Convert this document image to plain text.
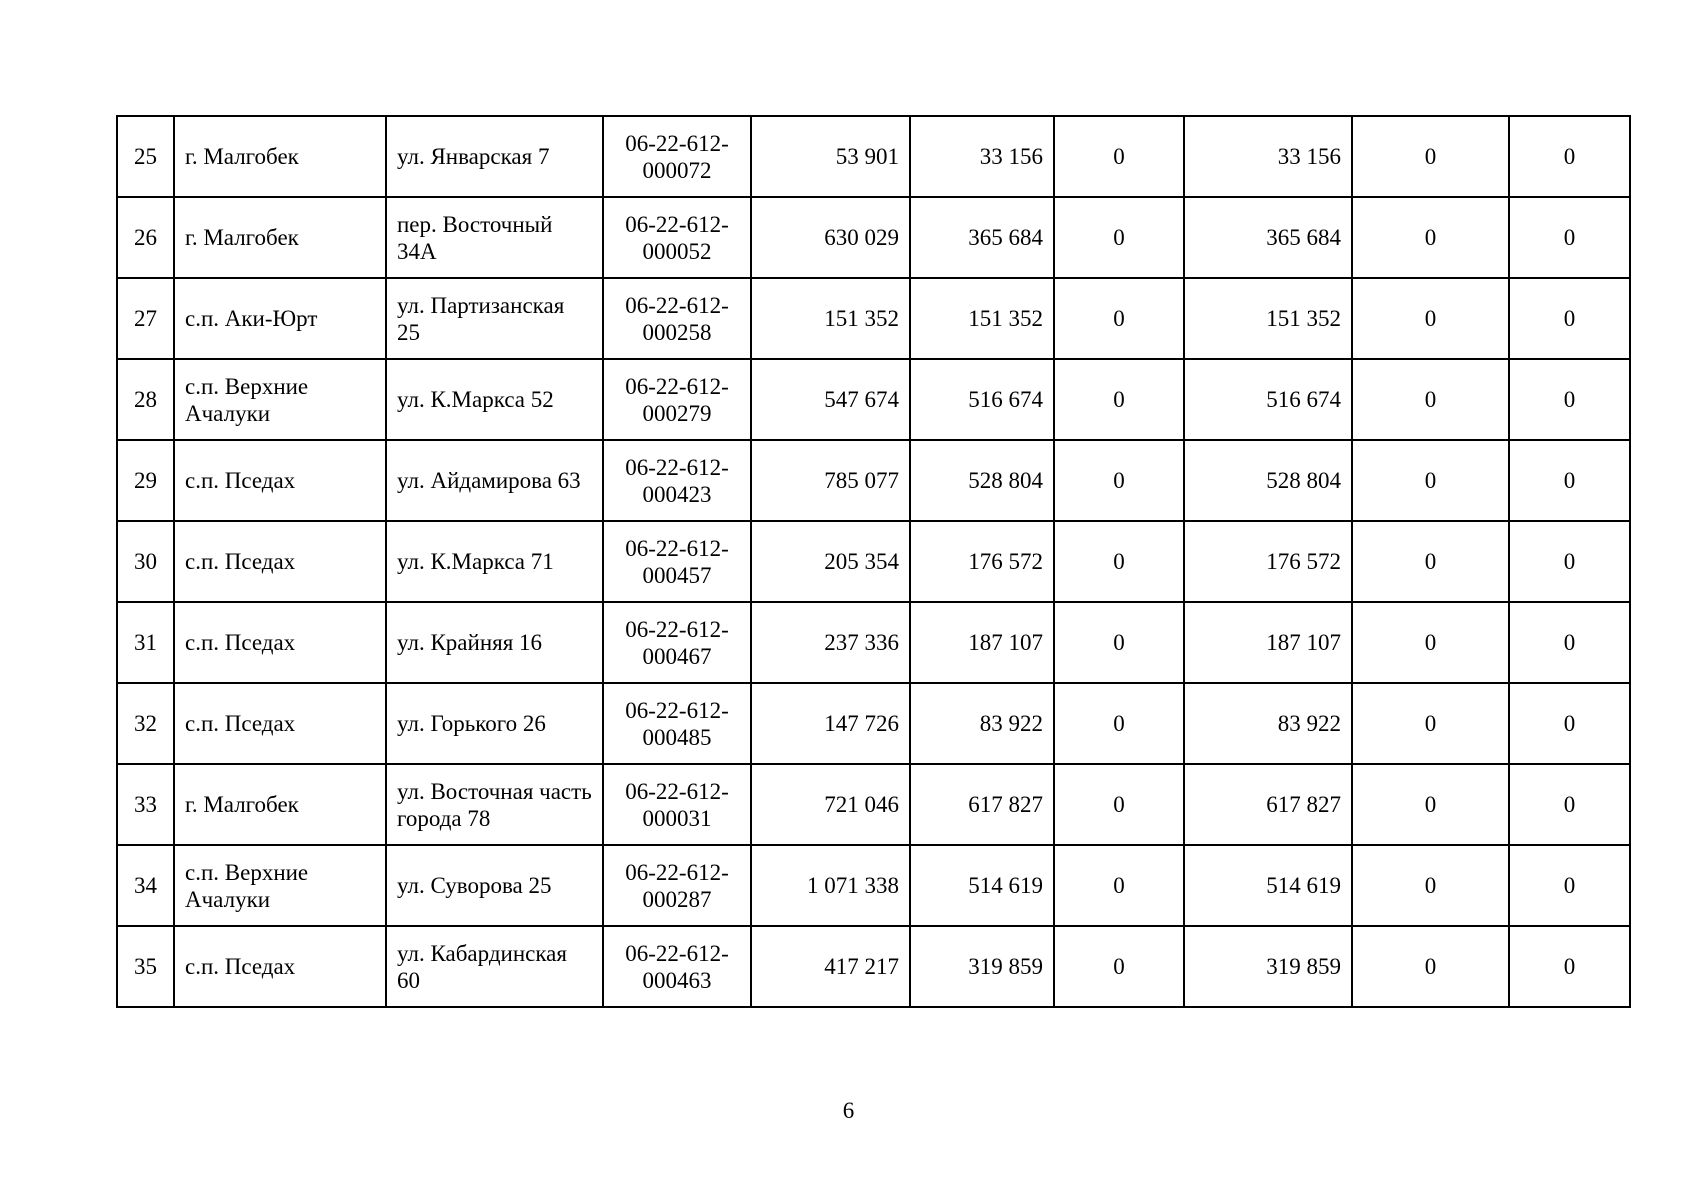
25	г. Малгобек	ул. Январская 7	06-22-612-000072	53 901	33 156	0	33 156	0	0
26	г. Малгобек	пер. Восточный 34А	06-22-612-000052	630 029	365 684	0	365 684	0	0
27	с.п. Аки-Юрт	ул. Партизанская 25	06-22-612-000258	151 352	151 352	0	151 352	0	0
28	с.п. Верхние Ачалуки	ул. К.Маркса 52	06-22-612-000279	547 674	516 674	0	516 674	0	0
29	с.п. Пседах	ул. Айдамирова 63	06-22-612-000423	785 077	528 804	0	528 804	0	0
30	с.п. Пседах	ул. К.Маркса 71	06-22-612-000457	205 354	176 572	0	176 572	0	0
31	с.п. Пседах	ул. Крайняя 16	06-22-612-000467	237 336	187 107	0	187 107	0	0
32	с.п. Пседах	ул. Горького 26	06-22-612-000485	147 726	83 922	0	83 922	0	0
33	г. Малгобек	ул. Восточная часть города 78	06-22-612-000031	721 046	617 827	0	617 827	0	0
34	с.п. Верхние Ачалуки	ул. Суворова 25	06-22-612-000287	1 071 338	514 619	0	514 619	0	0
35	с.п. Пседах	ул. Кабардинская 60	06-22-612-000463	417 217	319 859	0	319 859	0	0
6
